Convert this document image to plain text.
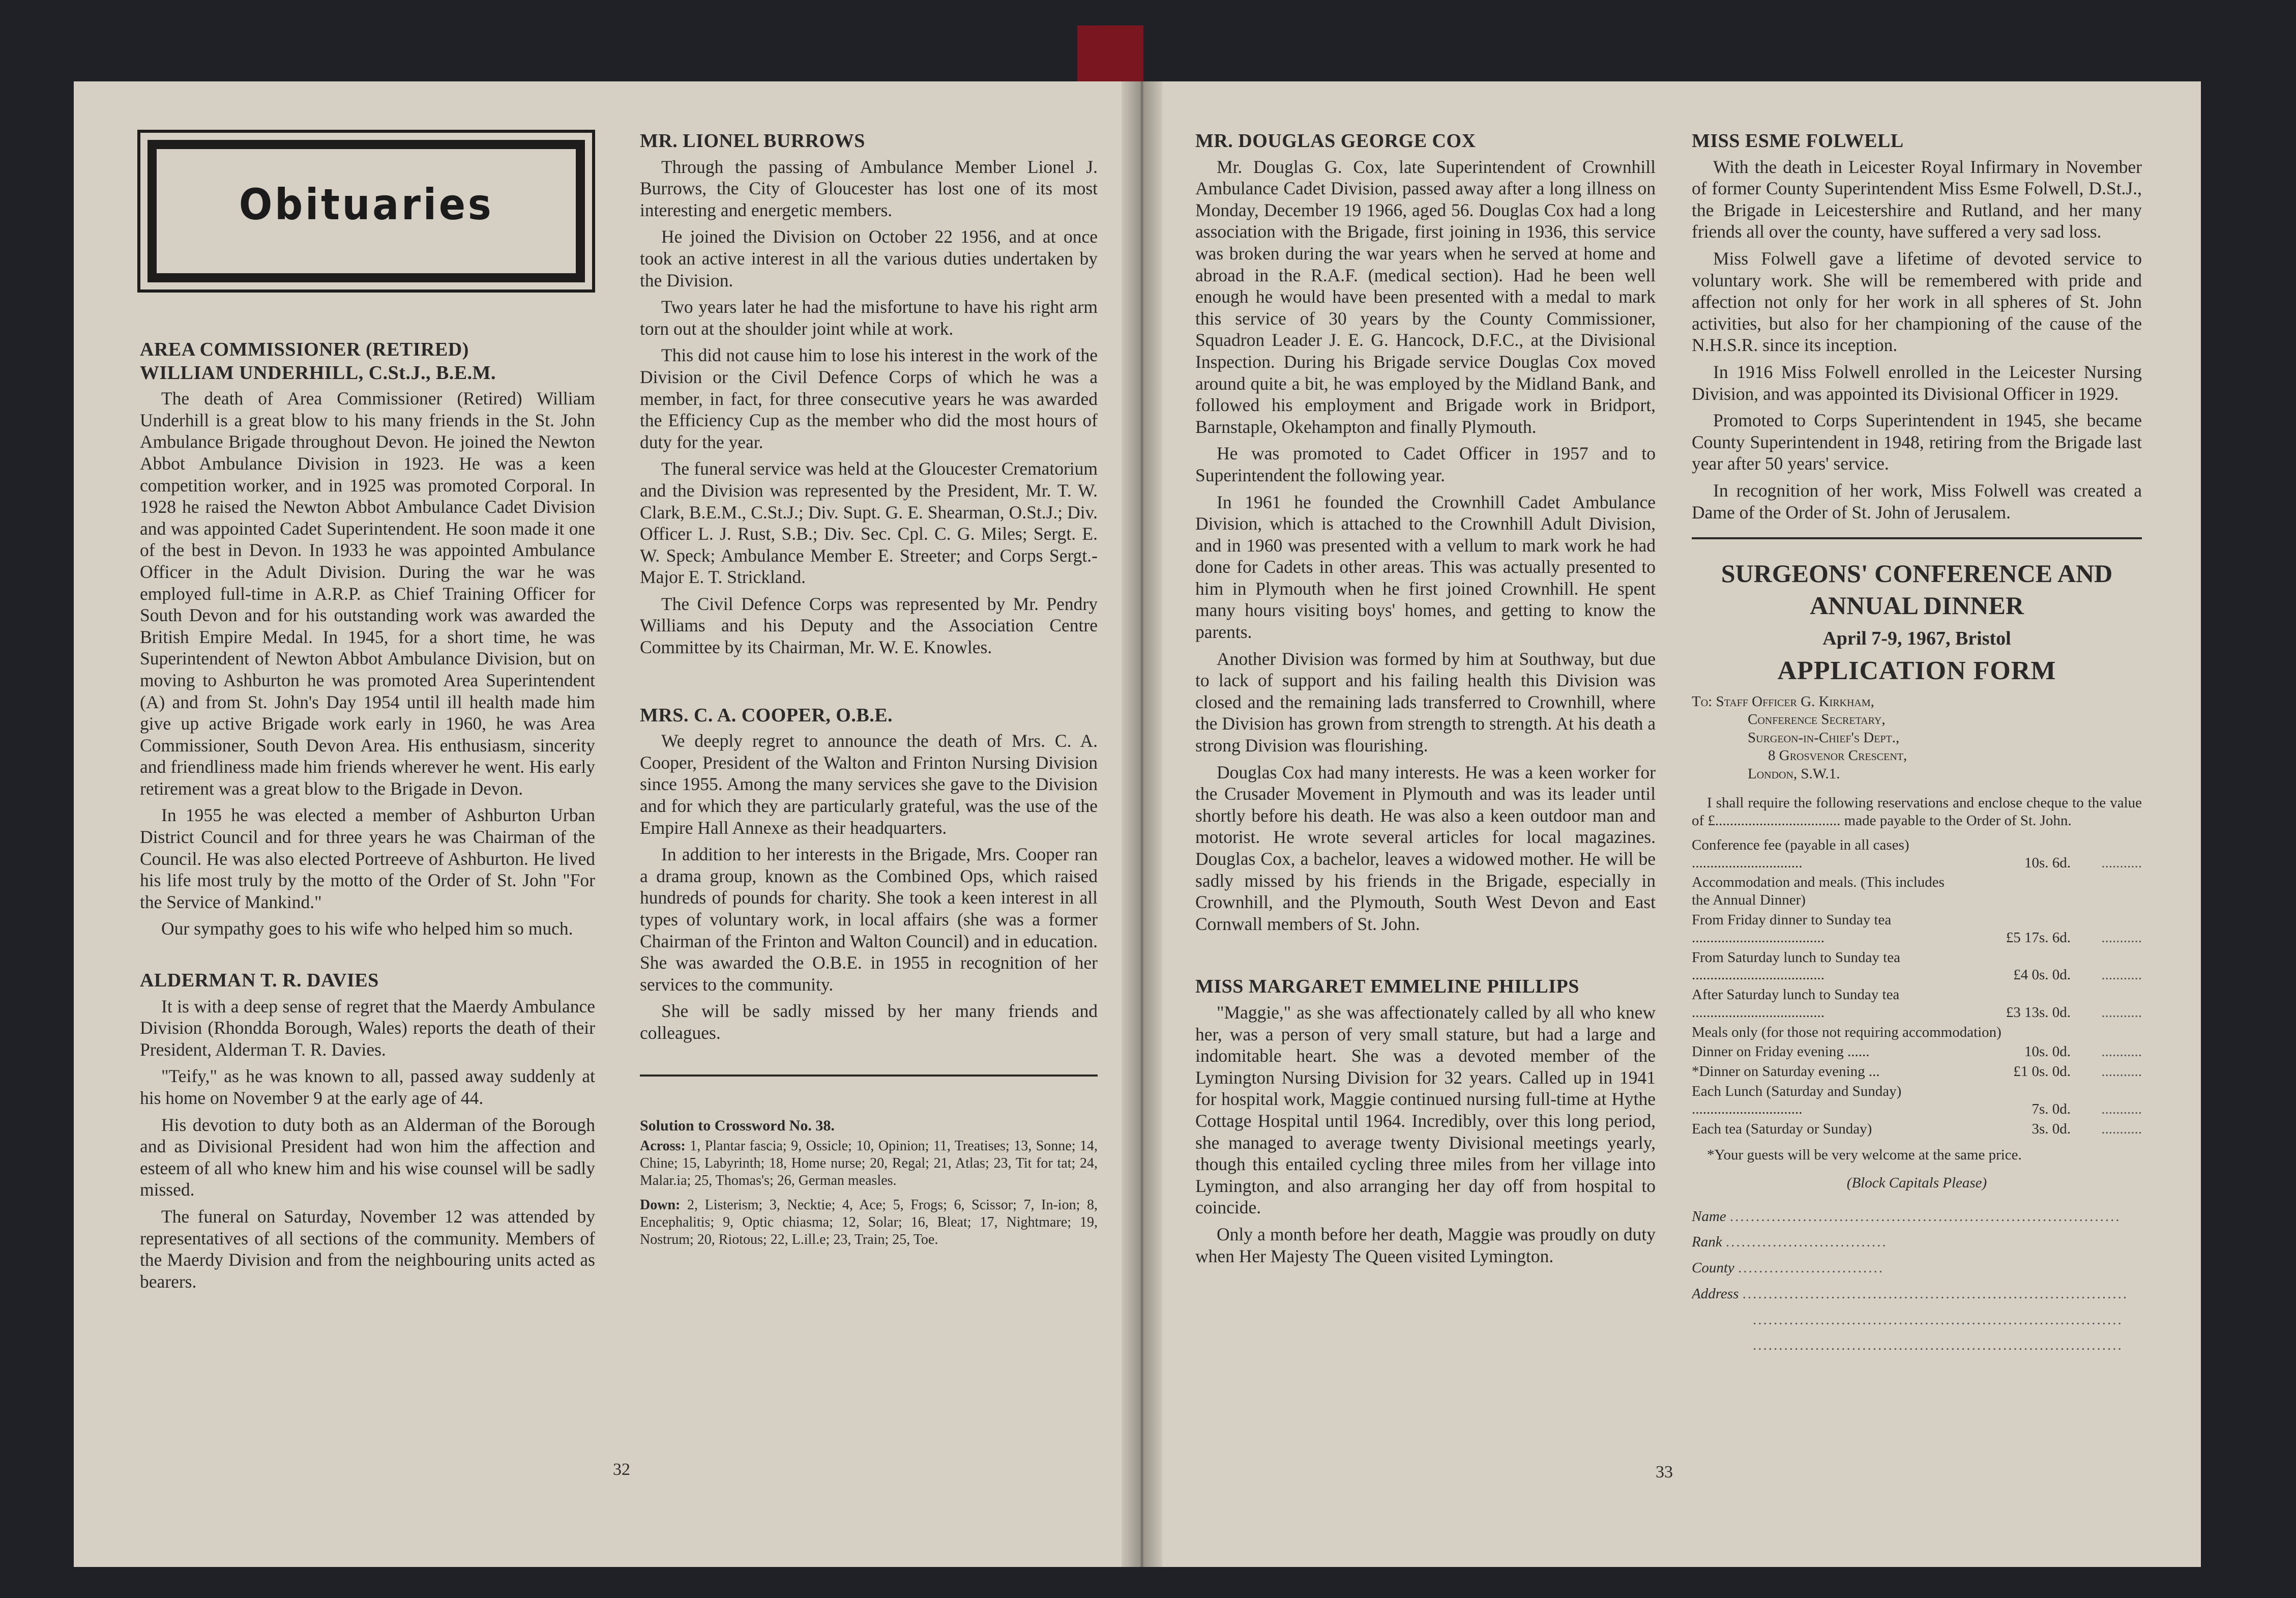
Obituaries
AREA COMMISSIONER (RETIRED)
WILLIAM UNDERHILL, C.St.J., B.E.M.

The death of Area Commissioner (Retired) William Underhill is a great blow to his many friends in the St. John Ambulance Brigade throughout Devon. He joined the Newton Abbot Ambulance Division in 1923. He was a keen competition worker, and in 1925 was promoted Corporal. In 1928 he raised the Newton Abbot Ambulance Cadet Division and was appointed Cadet Superintendent. He soon made it one of the best in Devon. In 1933 he was appointed Ambulance Officer in the Adult Division. During the war he was employed full-time in A.R.P. as Chief Training Officer for South Devon and for his outstanding work was awarded the British Empire Medal. In 1945, for a short time, he was Superintendent of Newton Abbot Ambulance Division, but on moving to Ashburton he was promoted Area Superintendent (A) and from St. John's Day 1954 until ill health made him give up active Brigade work early in 1960, he was Area Commissioner, South Devon Area. His enthusiasm, sincerity and friendliness made him friends wherever he went. His early retirement was a great blow to the Brigade in Devon.

In 1955 he was elected a member of Ashburton Urban District Council and for three years he was Chairman of the Council. He was also elected Portreeve of Ashburton. He lived his life most truly by the motto of the Order of St. John "For the Service of Mankind."

Our sympathy goes to his wife who helped him so much.

ALDERMAN T. R. DAVIES

It is with a deep sense of regret that the Maerdy Ambulance Division (Rhondda Borough, Wales) reports the death of their President, Alderman T. R. Davies.

"Teify," as he was known to all, passed away suddenly at his home on November 9 at the early age of 44.

His devotion to duty both as an Alderman of the Borough and as Divisional President had won him the affection and esteem of all who knew him and his wise counsel will be sadly missed.

The funeral on Saturday, November 12 was attended by representatives of all sections of the community. Members of the Maerdy Division and from the neighbouring units acted as bearers.

MR. LIONEL BURROWS

Through the passing of Ambulance Member Lionel J. Burrows, the City of Gloucester has lost one of its most interesting and energetic members.

He joined the Division on October 22 1956, and at once took an active interest in all the various duties undertaken by the Division.

Two years later he had the misfortune to have his right arm torn out at the shoulder joint while at work.

This did not cause him to lose his interest in the work of the Division or the Civil Defence Corps of which he was a member, in fact, for three consecutive years he was awarded the Efficiency Cup as the member who did the most hours of duty for the year.

The funeral service was held at the Gloucester Crematorium and the Division was represented by the President, Mr. T. W. Clark, B.E.M., C.St.J.; Div. Supt. G. E. Shearman, O.St.J.; Div. Officer L. J. Rust, S.B.; Div. Sec. Cpl. C. G. Miles; Sergt. E. W. Speck; Ambulance Member E. Streeter; and Corps Sergt.-Major E. T. Strickland.

The Civil Defence Corps was represented by Mr. Pendry Williams and his Deputy and the Association Centre Committee by its Chairman, Mr. W. E. Knowles.

MRS. C. A. COOPER, O.B.E.

We deeply regret to announce the death of Mrs. C. A. Cooper, President of the Walton and Frinton Nursing Division since 1955. Among the many services she gave to the Division and for which they are particularly grateful, was the use of the Empire Hall Annexe as their headquarters.

In addition to her interests in the Brigade, Mrs. Cooper ran a drama group, known as the Combined Ops, which raised hundreds of pounds for charity. She took a keen interest in all types of voluntary work, in local affairs (she was a former Chairman of the Frinton and Walton Council) and in education. She was awarded the O.B.E. in 1955 in recognition of her services to the community.

She will be sadly missed by her many friends and colleagues.

Solution to Crossword No. 38.

Across: 1, Plantar fascia; 9, Ossicle; 10, Opinion; 11, Treatises; 13, Sonne; 14, Chine; 15, Labyrinth; 18, Home nurse; 20, Regal; 21, Atlas; 23, Tit for tat; 24, Malar.ia; 25, Thomas's; 26, German measles.

Down: 2, Listerism; 3, Necktie; 4, Ace; 5, Frogs; 6, Scissor; 7, In-ion; 8, Encephalitis; 9, Optic chiasma; 12, Solar; 16, Bleat; 17, Nightmare; 19, Nostrum; 20, Riotous; 22, L.ill.e; 23, Train; 25, Toe.

32
MR. DOUGLAS GEORGE COX

Mr. Douglas G. Cox, late Superintendent of Crownhill Ambulance Cadet Division, passed away after a long illness on Monday, December 19 1966, aged 56. Douglas Cox had a long association with the Brigade, first joining in 1936, this service was broken during the war years when he served at home and abroad in the R.A.F. (medical section). Had he been well enough he would have been presented with a medal to mark this service of 30 years by the County Commissioner, Squadron Leader J. E. G. Hancock, D.F.C., at the Divisional Inspection. During his Brigade service Douglas Cox moved around quite a bit, he was employed by the Midland Bank, and followed his employment and Brigade work in Bridport, Barnstaple, Okehampton and finally Plymouth.

He was promoted to Cadet Officer in 1957 and to Superintendent the following year.

In 1961 he founded the Crownhill Cadet Ambulance Division, which is attached to the Crownhill Adult Division, and in 1960 was presented with a vellum to mark work he had done for Cadets in other areas. This was actually presented to him in Plymouth when he first joined Crownhill. He spent many hours visiting boys' homes, and getting to know the parents.

Another Division was formed by him at Southway, but due to lack of support and his failing health this Division was closed and the remaining lads transferred to Crownhill, where the Division has grown from strength to strength. At his death a strong Division was flourishing.

Douglas Cox had many interests. He was a keen worker for the Crusader Movement in Plymouth and was its leader until shortly before his death. He was also a keen outdoor man and motorist. He wrote several articles for local magazines. Douglas Cox, a bachelor, leaves a widowed mother. He will be sadly missed by his friends in the Brigade, especially in Crownhill, and the Plymouth, South West Devon and East Cornwall members of St. John.

MISS MARGARET EMMELINE PHILLIPS

"Maggie," as she was affectionately called by all who knew her, was a person of very small stature, but had a large and indomitable heart. She was a devoted member of the Lymington Nursing Division for 32 years. Called up in 1941 for hospital work, Maggie continued nursing full-time at Hythe Cottage Hospital until 1964. Incredibly, over this long period, she managed to average twenty Divisional meetings yearly, though this entailed cycling three miles from her village into Lymington, and also arranging her day off from hospital to coincide.

Only a month before her death, Maggie was proudly on duty when Her Majesty The Queen visited Lymington.

33
MISS ESME FOLWELL

With the death in Leicester Royal Infirmary in November of former County Superintendent Miss Esme Folwell, D.St.J., the Brigade in Leicestershire and Rutland, and her many friends all over the county, have suffered a very sad loss.

Miss Folwell gave a lifetime of devoted service to voluntary work. She will be remembered with pride and affection not only for her work in all spheres of St. John activities, but also for her championing of the cause of the N.H.S.R. since its inception.

In 1916 Miss Folwell enrolled in the Leicester Nursing Division, and was appointed its Divisional Officer in 1929.

Promoted to Corps Superintendent in 1945, she became County Superintendent in 1948, retiring from the Brigade last year after 50 years' service.

In recognition of her work, Miss Folwell was created a Dame of the Order of St. John of Jerusalem.

SURGEONS' CONFERENCE AND
ANNUAL DINNER
April 7-9, 1967, Bristol
APPLICATION FORM
To: Staff Officer G. Kirkham,
Conference Secretary,
Surgeon-in-Chief's Dept.,
8 Grosvenor Crescent,
London, S.W.1.
I shall require the following reservations and enclose cheque to the value of £.................................. made payable to the Order of St. John.
Conference fee (payable in all cases) ..............................	10s. 6d.	...........
Accommodation and meals. (This includes the Annual Dinner)		
From Friday dinner to Sunday tea ....................................	£5 17s. 6d.	...........
From Saturday lunch to Sunday tea ....................................	£4 0s. 0d.	...........
After Saturday lunch to Sunday tea ....................................	£3 13s. 0d.	...........
Meals only (for those not requiring accommodation)		
Dinner on Friday evening ......	10s. 0d.	...........
*Dinner on Saturday evening ...	£1 0s. 0d.	...........
Each Lunch (Saturday and Sunday) ..............................	7s. 0d.	...........
Each tea (Saturday or Sunday)	3s. 0d.	...........
*Your guests will be very welcome at the same price.
(Block Capitals Please)
Name ...........................................................................
Rank ...............................
County ............................
Address ..........................................................................
.......................................................................
.......................................................................
